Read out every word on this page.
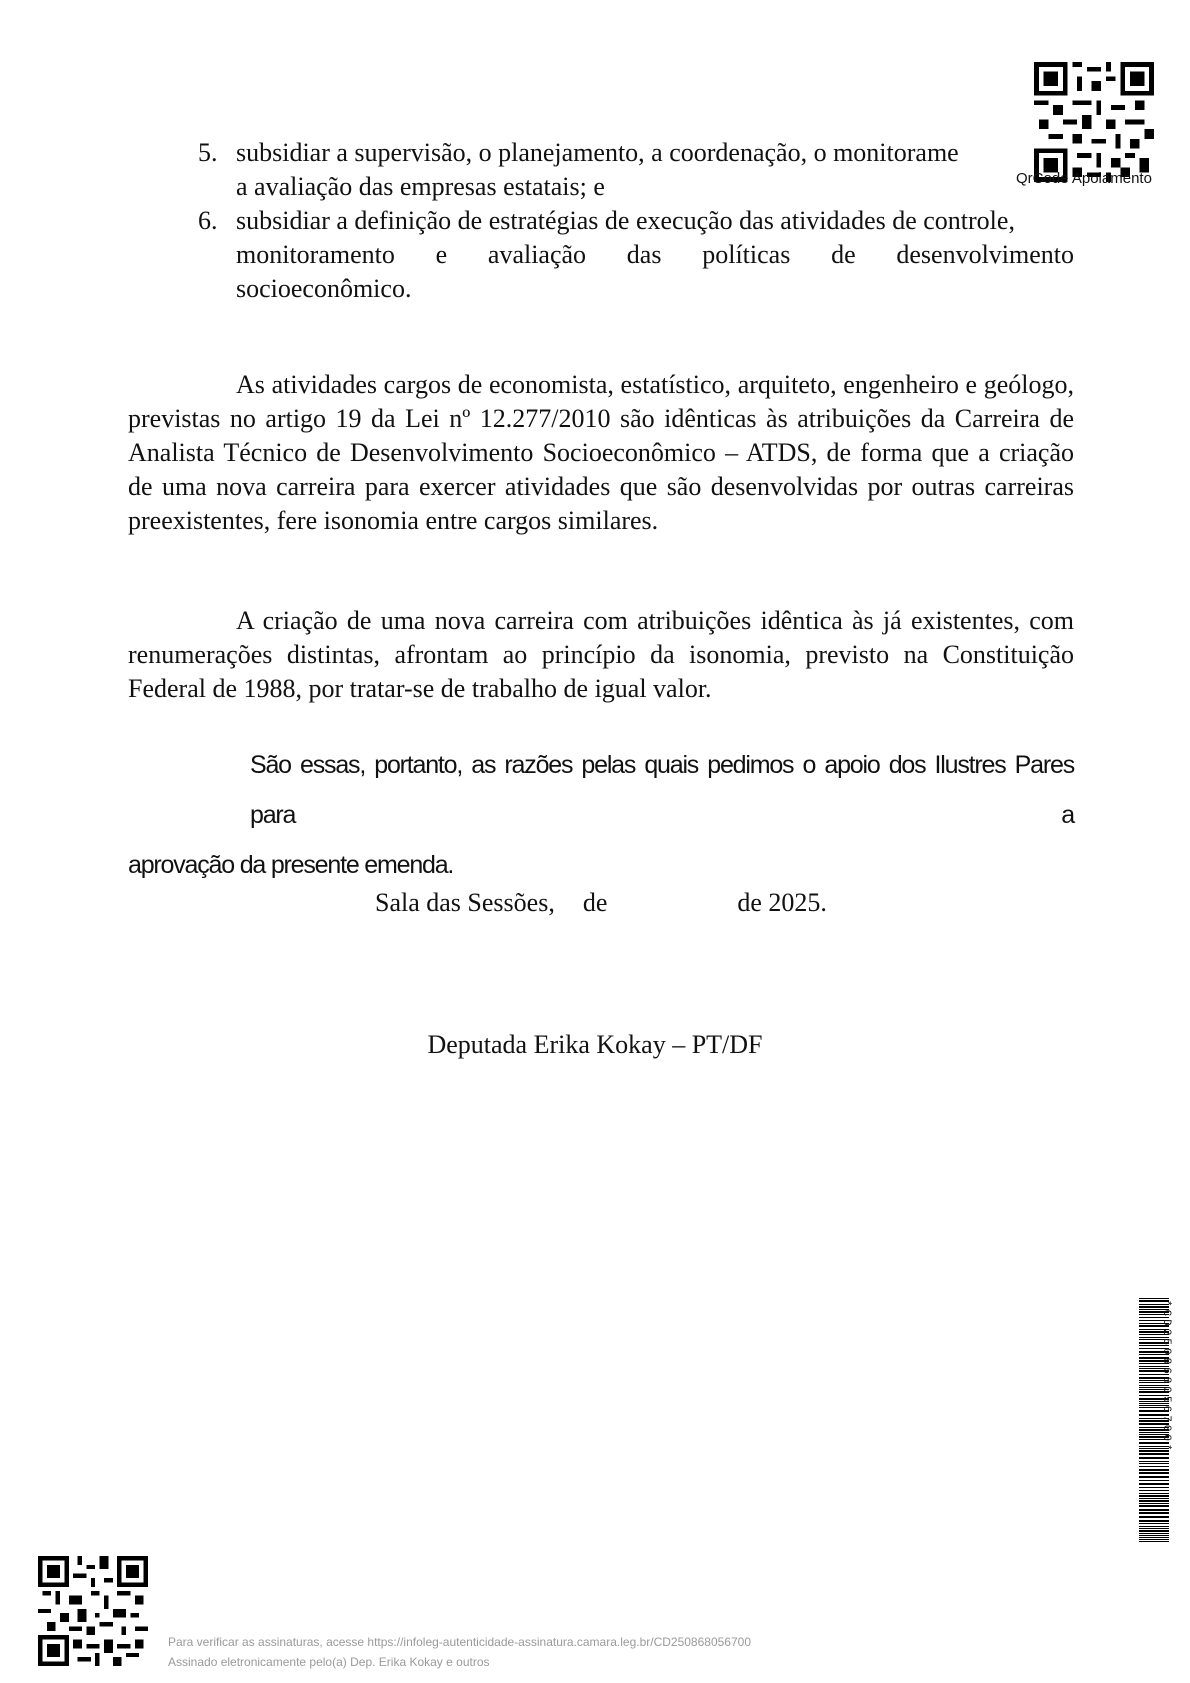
5. subsidiar a supervisão, o planejamento, a coordenação, o monitorame
a avaliação das empresas estatais; e
6. subsidiar a definição de estratégias de execução das atividades de controle,
monitoramento e avaliação das políticas de desenvolvimento
socioeconômico.

As atividades cargos de economista, estatístico, arquiteto, engenheiro e geólogo, previstas no artigo 19 da Lei nº 12.277/2010 são idênticas às atribuições da Carreira de Analista Técnico de Desenvolvimento Socioeconômico – ATDS, de forma que a criação de uma nova carreira para exercer atividades que são desenvolvidas por outras carreiras preexistentes, fere isonomia entre cargos similares.

A criação de uma nova carreira com atribuições idêntica às já existentes, com renumerações distintas, afrontam ao princípio da isonomia, previsto na Constituição Federal de 1988, por tratar-se de trabalho de igual valor.

São essas, portanto, as razões pelas quais pedimos o apoio dos Ilustres Pares para a
aprovação da presente emenda.
Sala das Sessões, de	de 2025.
Deputada Erika Kokay – PT/DF
QrCode Apoiamento
Para verificar as assinaturas, acesse https://infoleg-autenticidade-assinatura.camara.leg.br/CD250868056700
Assinado eletronicamente pelo(a) Dep. Erika Kokay e outros
*CD250868056700*
